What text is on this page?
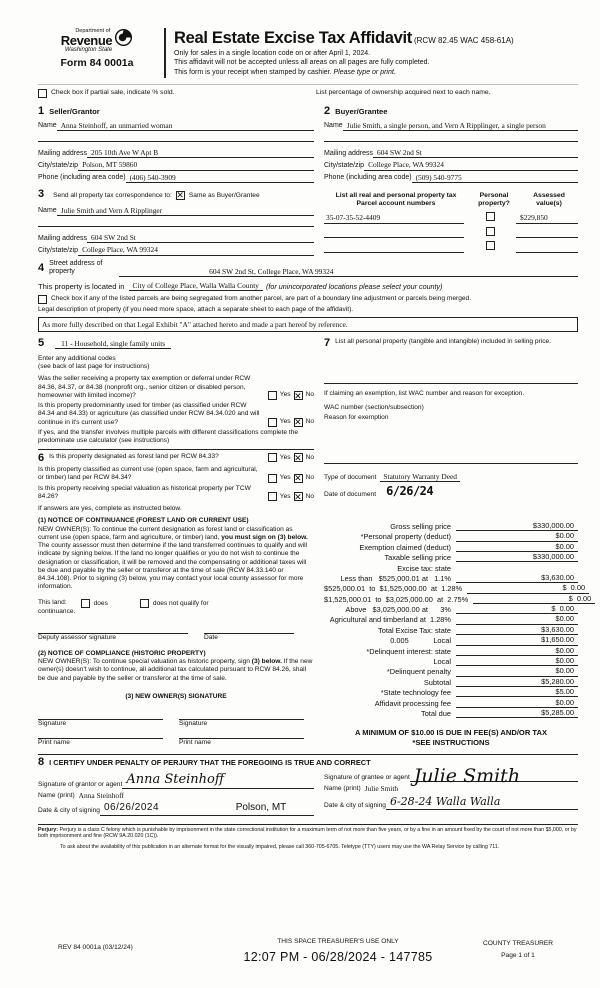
Department of
Revenue
Washington State
Form 84 0001a
Real Estate Excise Tax Affidavit (RCW 82.45 WAC 458-61A)
Only for sales in a single location code on or after April 1, 2024.
This affidavit will not be accepted unless all areas on all pages are fully completed.
This form is your receipt when stamped by cashier. Please type or print.
Check box if partial sale, indicate % sold.	List percentage of ownership acquired next to each name.
1 Seller/Grantor
Name Anna Steinhoff, an unmarried woman
Mailing address 205 10th Ave W Apt B
City/state/zip Polson, MT 59860
Phone (including area code) (406) 540-3909
2 Buyer/Grantee
Name Julie Smith, a single person, and Vern A Ripplinger, a single person
Mailing address 604 SW 2nd St
City/state/zip College Place, WA 99324
Phone (including area code) (509) 540-9775
3 Send all property tax correspondence to: ✕	Same as Buyer/Grantee
Name Julie Smith and Vern A Ripplinger
Mailing address 604 SW 2nd St
City/state/zip College Place, WA 99324
List all real and personal property tax
Parcel account numbers
Personal property?
Assessed value(s)
35-07-35-52-4409	$229,850
4 Street address of
property	604 SW 2nd St, College Place, WA 99324
This property is located in	City of College Place, Walla Walla County (for unincorporated locations please select your county)
Check box if any of the listed parcels are being segregated from another parcel, are part of a boundary line adjustment or parcels being merged.
Legal description of property (if you need more space, attach a separate sheet to each page of the affidavit).
As more fully described on that Legal Exhibit "A" attached hereto and made a part hereof by reference.
5	11 - Household, single family units
Enter any additional codes
(see back of last page for instructions)
Was the seller receiving a property tax exemption or deferral under RCW 84.36, 84.37, or 84.38 (nonprofit org., senior citizen or disabled person, homeowner with limited income)?	Yes ✕ No
Is this property predominantly used for timber (as classified under RCW 84.34 and 84.33) or agriculture (as classified under RCW 84.34.020 and will continue in it's current use?	Yes ✕ No
If yes, and the transfer involves multiple parcels with different classifications complete the predominate use calculator (see instructions)
6 Is this property designated as forest land per RCW 84.33?	Yes ✕ No
Is this property classified as current use (open space, farm and agricultural, or timber) land per RCW 84.34?	Yes ✕ No
Is this property receiving special valuation as historical property per TCW 84.26?	Yes ✕ No
If answers are yes, complete as instructed below.
(1) NOTICE OF CONTINUANCE (FOREST LAND OR CURRENT USE)
NEW OWNER(S): To continue the current designation as forest land or classification as current use (open space, farm and agriculture, or timber) land, you must sign on (3) below. The county assessor must then determine if the land transferred continues to qualify and will indicate by signing below. If the land no longer qualifies or you do not wish to continue the designation or classification, it will be removed and the compensating or additional taxes will be due and payable by the seller or transferor at the time of sale (RCW 84.33.140 or 84.34.108). Prior to signing (3) below, you may contact your local county assessor for more information.
This land:	does	does not qualify for
continuance.
Deputy assessor signature	Date
(2) NOTICE OF COMPLIANCE (HISTORIC PROPERTY)
NEW OWNER(S): To continue special valuation as historic property, sign (3) below. If the new owner(s) doesn't wish to continue, all additional tax calculated pursuant to RCW 84.26, shall be due and payable by the seller or transferor at the time of sale.
(3) NEW OWNER(S) SIGNATURE
Signature	Signature
Print name	Print name
7 List all personal property (tangible and intangible) included in selling price.
If claiming an exemption, list WAC number and reason for exception.
WAC number (section/subsection)
Reason for exemption
Type of document Statutory Warranty Deed
Date of document 6/26/24
Gross selling price	$330,000.00
*Personal property (deduct)	$0.00
Exemption claimed (deduct)	$0.00
Taxable selling price	$330,000.00
Excise tax: state
Less than   $525,000.01 at   1.1%	$3,630.00
$525,000.01  to  $1,525,000.00  at  1.28%	$  0.00
$1,525,000.01  to  $3,025,000.00  at  2.75%	$  0.00
Above   $3,025,000.00 at      3%	$  0.00
Agricultural and timberland at  1.28%	$0.00
Total Excise Tax: state	$3,630.00
0.005            Local	$1,650.00
*Delinquent interest: state	$0.00
Local	$0.00
*Delinquent penalty	$0.00
Subtotal	$5,280.00
*State technology fee	$5.00
Affidavit processing fee	$0.00
Total due	$5,285.00
A MINIMUM OF $10.00 IS DUE IN FEE(S) AND/OR TAX
*SEE INSTRUCTIONS
8 I CERTIFY UNDER PENALTY OF PERJURY THAT THE FOREGOING IS TRUE AND CORRECT
Signature of grantor or agent Anna Steinhoff
Name (print) Anna Steinhoff
Date & city of signing 06/26/2024	Polson, MT
Signature of grantee or agent Julie Smith
Name (print) Julie Smith
Date & city of signing 6-28-24 Walla Walla
Perjury: Perjury is a class C felony which is punishable by imprisonment in the state correctional institution for a maximum term of not more than five years, or by a fine in an amount fixed by the court of not more than $5,000, or by both imprisonment and fine (RCW 9A.20.020 (1C)).
To ask about the availability of this publication in an alternate format for the visually impaired, please call 360-705-6705. Teletype (TTY) users may use the WA Relay Service by calling 711.
REV 84 0001a (03/12/24)
THIS SPACE TREASURER'S USE ONLY
12:07 PM - 06/28/2024 - 147785
COUNTY TREASURER
Page 1 of 1
